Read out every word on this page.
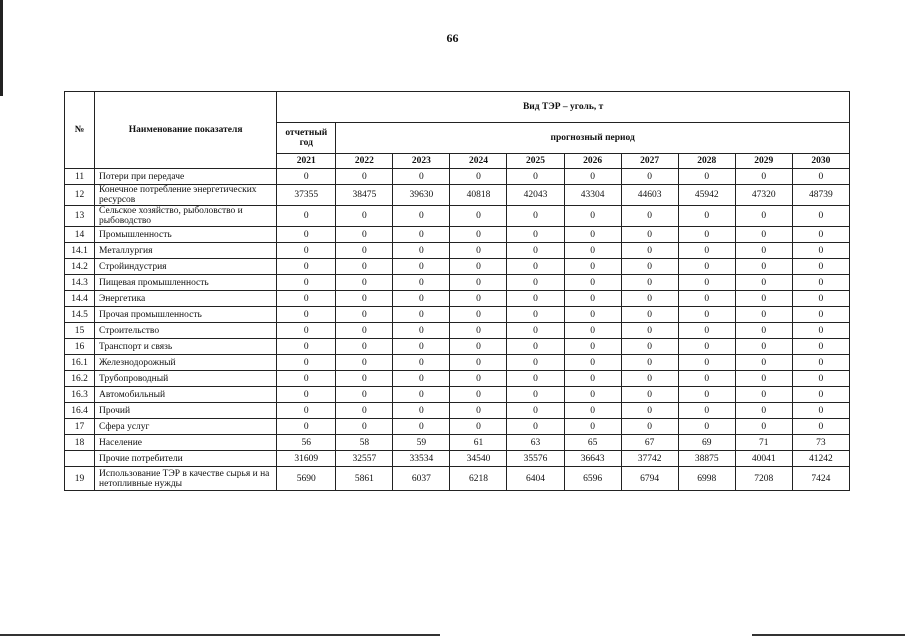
66
№	Наименование показателя	Вид ТЭР – уголь, т									
		отчетный год	прогнозный период								
		2021	2022	2023	2024	2025	2026	2027	2028	2029	2030
11	Потери при передаче	0	0	0	0	0	0	0	0	0	0
12	Конечное потребление энергетических ресурсов	37355	38475	39630	40818	42043	43304	44603	45942	47320	48739
13	Сельское хозяйство, рыболовство и рыбоводство	0	0	0	0	0	0	0	0	0	0
14	Промышленность	0	0	0	0	0	0	0	0	0	0
14.1	Металлургия	0	0	0	0	0	0	0	0	0	0
14.2	Стройиндустрия	0	0	0	0	0	0	0	0	0	0
14.3	Пищевая промышленность	0	0	0	0	0	0	0	0	0	0
14.4	Энергетика	0	0	0	0	0	0	0	0	0	0
14.5	Прочая промышленность	0	0	0	0	0	0	0	0	0	0
15	Строительство	0	0	0	0	0	0	0	0	0	0
16	Транспорт и связь	0	0	0	0	0	0	0	0	0	0
16.1	Железнодорожный	0	0	0	0	0	0	0	0	0	0
16.2	Трубопроводный	0	0	0	0	0	0	0	0	0	0
16.3	Автомобильный	0	0	0	0	0	0	0	0	0	0
16.4	Прочий	0	0	0	0	0	0	0	0	0	0
17	Сфера услуг	0	0	0	0	0	0	0	0	0	0
18	Население	56	58	59	61	63	65	67	69	71	73
	Прочие потребители	31609	32557	33534	34540	35576	36643	37742	38875	40041	41242
19	Использование ТЭР в качестве сырья и на нетопливные нужды	5690	5861	6037	6218	6404	6596	6794	6998	7208	7424
